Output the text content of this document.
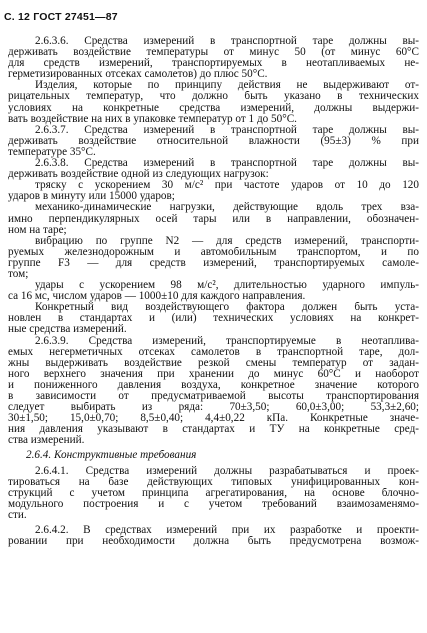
С. 12 ГОСТ 27451—87
2.6.3.6. Средства измерений в транспортной таре должны вы-
держивать воздействие температуры от минус 50 (от минус 60°С
для средств измерений, транспортируемых в неотапливаемых не-
герметизированных отсеках самолетов) до плюс 50°С.
Изделия, которые по принципу действия не выдерживают от-
рицательных температур, что должно быть указано в технических
условиях на конкретные средства измерений, должны выдержи-
вать воздействие на них в упаковке температур от 1 до 50°С.
2.6.3.7. Средства измерений в транспортной таре должны вы-
держивать воздействие относительной влажности (95±3) % при
температуре 35°С.
2.6.3.8. Средства измерений в транспортной таре должны вы-
держивать воздействие одной из следующих нагрузок:
тряску с ускорением 30 м/с² при частоте ударов от 10 до 120
ударов в минуту или 15000 ударов;
механико-динамические нагрузки, действующие вдоль трех вза-
имно перпендикулярных осей тары или в направлении, обозначен-
ном на таре;
вибрацию по группе N2 — для средств измерений, транспорти-
руемых железнодорожным и автомобильным транспортом, и по
группе F3 — для средств измерений, транспортируемых самоле-
том;
удары с ускорением 98 м/с², длительностью ударного импуль-
са 16 мс, числом ударов — 1000±10 для каждого направления.
Конкретный вид воздействующего фактора должен быть уста-
новлен в стандартах и (или) технических условиях на конкрет-
ные средства измерений.
2.6.3.9. Средства измерений, транспортируемые в неотаплива-
емых негерметичных отсеках самолетов в транспортной таре, дол-
жны выдерживать воздействие резкой смены температур от задан-
ного верхнего значения при хранении до минус 60°С и наоборот
и пониженного давления воздуха, конкретное значение которого
в зависимости от предусматриваемой высоты транспортирования
следует выбирать из ряда: 70±3,50; 60,0±3,00; 53,3±2,60;
30±1,50; 15,0±0,70; 8,5±0,40; 4,4±0,22 кПа. Конкретные значе-
ния давления указывают в стандартах и ТУ на конкретные сред-
ства измерений.
2.6.4. Конструктивные требования
2.6.4.1. Средства измерений должны разрабатываться и проек-
тироваться на базе действующих типовых унифицированных кон-
струкций с учетом принципа агрегатирования, на основе блочно-
модульного построения и с учетом требований взаимозаменямо-
сти.
2.6.4.2. В средствах измерений при их разработке и проекти-
ровании при необходимости должна быть предусмотрена возмож-
